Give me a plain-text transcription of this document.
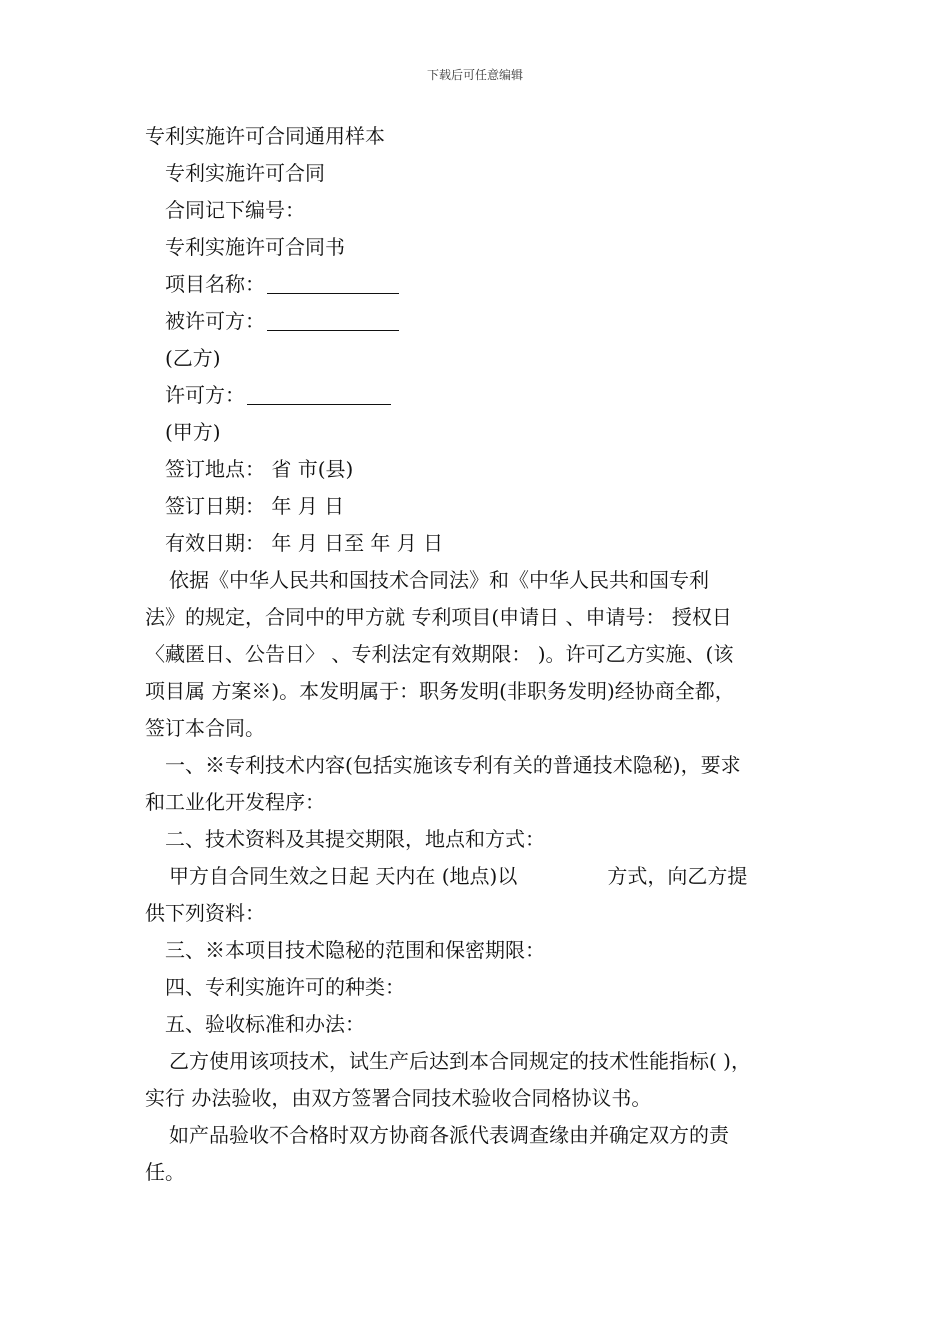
下载后可任意编辑
专利实施许可合同通用样本
专利实施许可合同
合同记下编号：
专利实施许可合同书
项目名称：
被许可方：
(乙方)
许可方：
(甲方)
签订地点： 省 市(县)
签订日期： 年 月 日
有效日期： 年 月 日至 年 月 日
依据《中华人民共和国技术合同法》和《中华人民共和国专利
法》的规定，合同中的甲方就 专利项目(申请日 、申请号： 授权日
〈藏匿日、公告日〉 、专利法定有效期限： )。许可乙方实施、(该
项目属 方案※)。本发明属于：职务发明(非职务发明)经协商全都，
签订本合同。
一、※专利技术内容(包括实施该专利有关的普通技术隐秘)，要求
和工业化开发程序：
二、技术资料及其提交期限，地点和方式：
甲方自合同生效之日起 天内在 (地点)以	方式，向乙方提
供下列资料：
三、※本项目技术隐秘的范围和保密期限：
四、专利实施许可的种类：
五、验收标准和办法：
乙方使用该项技术，试生产后达到本合同规定的技术性能指标( )，
实行 办法验收，由双方签署合同技术验收合同格协议书。
如产品验收不合格时双方协商各派代表调查缘由并确定双方的责
任。
